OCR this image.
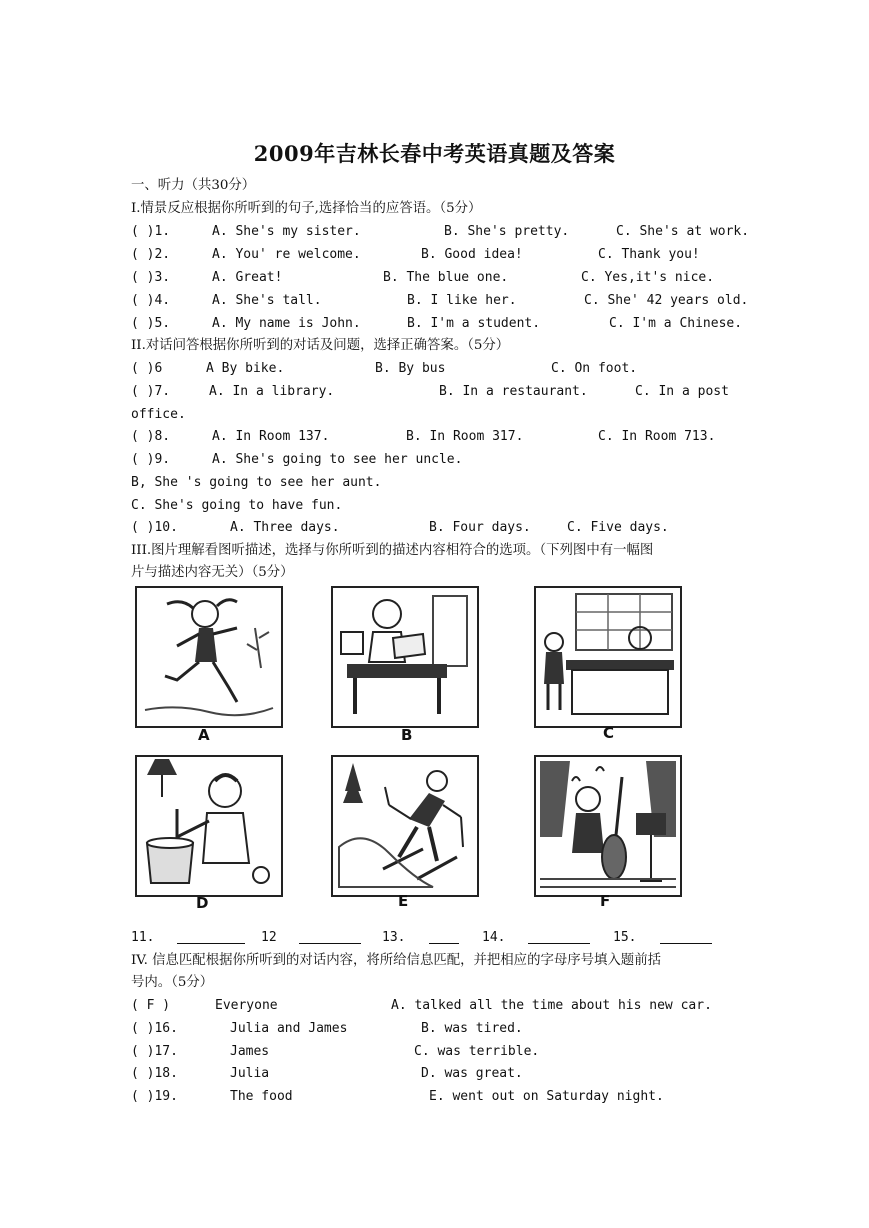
2009年吉林长春中考英语真题及答案
一、听力（共30分）
I.情景反应根据你所听到的句子,选择恰当的应答语。（5分）
( )1.	A. She's my sister.	B. She's pretty.	C. She's at work.
( )2.	A. You' re welcome.	B. Good idea!	C. Thank you!
( )3.	A. Great!	B. The blue one.	C. Yes,it's nice.
( )4.	A. She's tall.	B. I like her.	C. She' 42 years old.
( )5.	A. My name is John.	B. I'm a student.	C. I'm a Chinese.
II.对话问答根据你所听到的对话及问题，选择正确答案。（5分）
( )6	A By bike.	B. By bus	C. On foot.
( )7.	A. In a library.	B. In a restaurant.	C. In a post
office.
( )8.	A. In Room 137.	B. In Room 317.	C. In Room 713.
( )9.	A. She's going to see her uncle.
B, She 's going to see her aunt.
C. She's going to have fun.
( )10.	A. Three days.	B. Four days.	C. Five days.
III.图片理解看图听描述，选择与你所听到的描述内容相符合的选项。（下列图中有一幅图
片与描述内容无关）（5分）
A	B	C
D	E	F
11.	12	13.	14.	15.
IV. 信息匹配根据你所听到的对话内容，将所给信息匹配，并把相应的字母序号填入题前括
号内。（5分）
( F )	Everyone	A. talked all the time about his new car.
( )16.	Julia and James	B. was tired.
( )17.	James	C. was terrible.
( )18.	Julia	D. was great.
( )19.	The food	E. went out on Saturday night.
